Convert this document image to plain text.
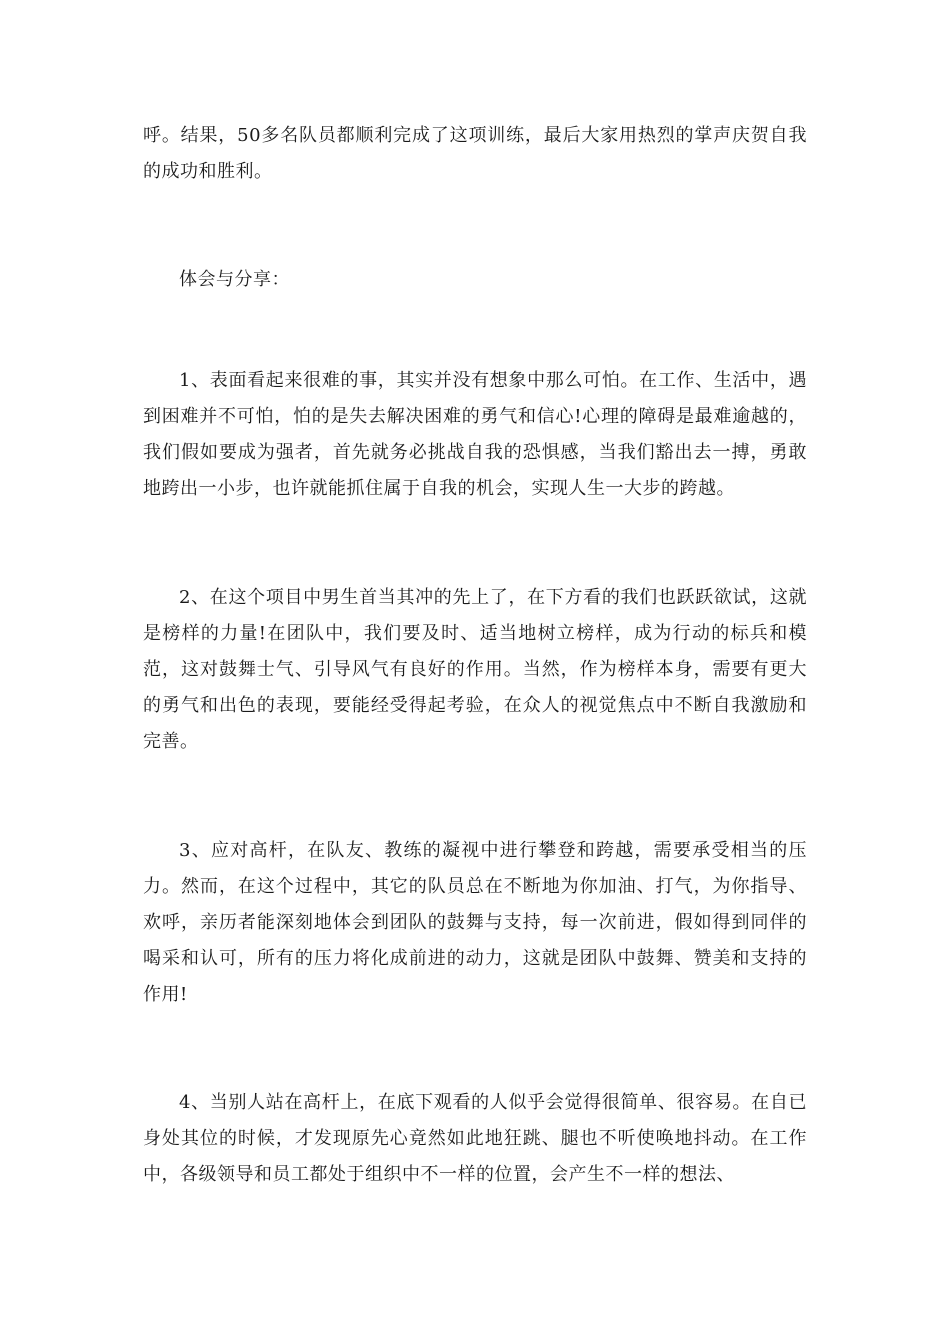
呼。结果，50多名队员都顺利完成了这项训练，最后大家用热烈的掌声庆贺自我的成功和胜利。

体会与分享：

1、表面看起来很难的事，其实并没有想象中那么可怕。在工作、生活中，遇到困难并不可怕，怕的是失去解决困难的勇气和信心!心理的障碍是最难逾越的，我们假如要成为强者，首先就务必挑战自我的恐惧感，当我们豁出去一搏，勇敢地跨出一小步，也许就能抓住属于自我的机会，实现人生一大步的跨越。

2、在这个项目中男生首当其冲的先上了，在下方看的我们也跃跃欲试，这就是榜样的力量!在团队中，我们要及时、适当地树立榜样，成为行动的标兵和模范，这对鼓舞士气、引导风气有良好的作用。当然，作为榜样本身，需要有更大的勇气和出色的表现，要能经受得起考验，在众人的视觉焦点中不断自我激励和完善。

3、应对高杆，在队友、教练的凝视中进行攀登和跨越，需要承受相当的压力。然而，在这个过程中，其它的队员总在不断地为你加油、打气，为你指导、欢呼，亲历者能深刻地体会到团队的鼓舞与支持，每一次前进，假如得到同伴的喝采和认可，所有的压力将化成前进的动力，这就是团队中鼓舞、赞美和支持的作用!

4、当别人站在高杆上，在底下观看的人似乎会觉得很简单、很容易。在自已身处其位的时候，才发现原先心竟然如此地狂跳、腿也不听使唤地抖动。在工作中，各级领导和员工都处于组织中不一样的位置，会产生不一样的想法、
